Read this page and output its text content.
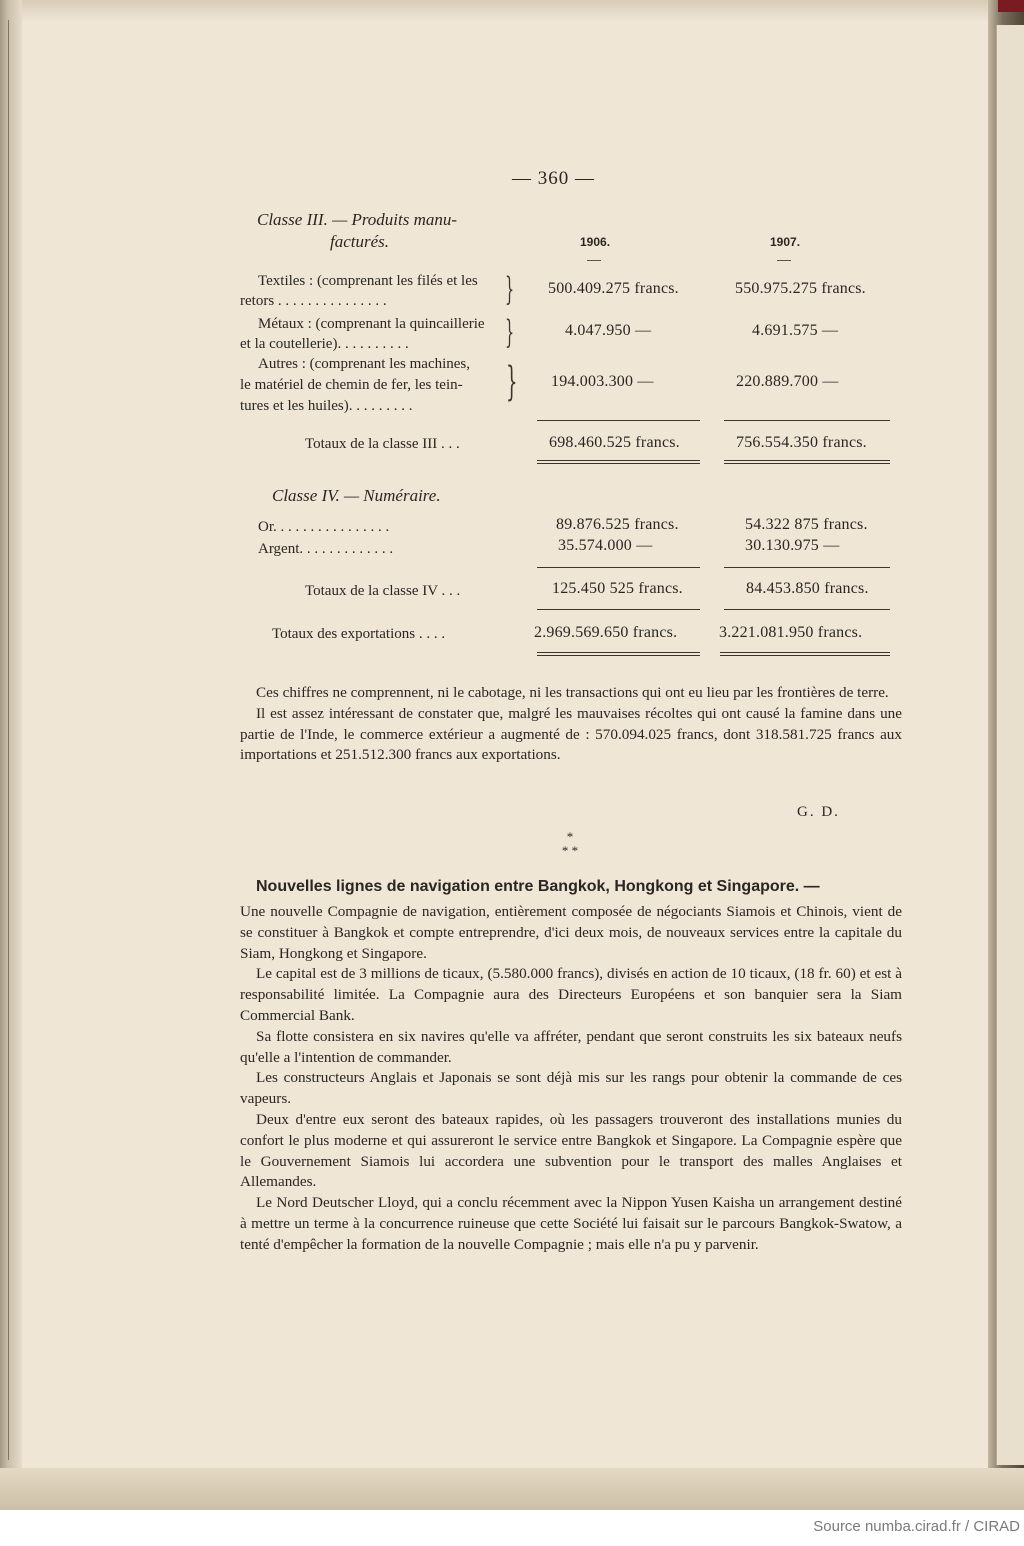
— 360 —
Classe III. — Produits manu-
facturés.	1906.	1907.
Textiles : (comprenant les filés et les
retors . . . . . . . . . . . . . . .	} 500.409.275 francs.	550.975.275 francs.
Métaux : (comprenant la quincaillerie
et la coutellerie). . . . . . . . . .	}	4.047.950 —	4.691.575 —
Autres : (comprenant les machines,
le matériel de chemin de fer, les tein-
tures et les huiles). . . . . . . . .
} 194.003.300 —	220.889.700 —
Totaux de la classe III . . .	698.460.525 francs.	756.554.350 francs.
Classe IV. — Numéraire.
Or. . . . . . . . . . . . . . . .	89.876.525 francs.	54.322 875 francs.
Argent. . . . . . . . . . . . .	35.574.000 —	30.130.975 —
Totaux de la classe IV . . .	125.450 525 francs.	84.453.850 francs.
Totaux des exportations . . . .	2.969.569.650 francs.	3.221.081.950 francs.

Ces chiffres ne comprennent, ni le cabotage, ni les transactions qui ont eu lieu par les frontières de terre.

Il est assez intéressant de constater que, malgré les mauvaises récoltes qui ont causé la famine dans une partie de l'Inde, le commerce extérieur a augmenté de : 570.094.025 francs, dont 318.581.725 francs aux importations et 251.512.300 francs aux exportations.

G. D.
*
* *
Nouvelles lignes de navigation entre Bangkok, Hongkong et Singapore. —

Une nouvelle Compagnie de navigation, entièrement composée de négociants Siamois et Chinois, vient de se constituer à Bangkok et compte entreprendre, d'ici deux mois, de nouveaux services entre la capitale du Siam, Hongkong et Singapore.

Le capital est de 3 millions de ticaux, (5.580.000 francs), divisés en action de 10 ticaux, (18 fr. 60) et est à responsabilité limitée. La Compagnie aura des Directeurs Européens et son banquier sera la Siam Commercial Bank.

Sa flotte consistera en six navires qu'elle va affréter, pendant que seront construits les six bateaux neufs qu'elle a l'intention de commander.

Les constructeurs Anglais et Japonais se sont déjà mis sur les rangs pour obtenir la commande de ces vapeurs.

Deux d'entre eux seront des bateaux rapides, où les passagers trouveront des installations munies du confort le plus moderne et qui assureront le service entre Bangkok et Singapore. La Compagnie espère que le Gouvernement Siamois lui accordera une subvention pour le transport des malles Anglaises et Allemandes.

Le Nord Deutscher Lloyd, qui a conclu récemment avec la Nippon Yusen Kaisha un arrangement destiné à mettre un terme à la concurrence ruineuse que cette Société lui faisait sur le parcours Bangkok-Swatow, a tenté d'empêcher la formation de la nouvelle Compagnie ; mais elle n'a pu y parvenir.

Source numba.cirad.fr / CIRAD
